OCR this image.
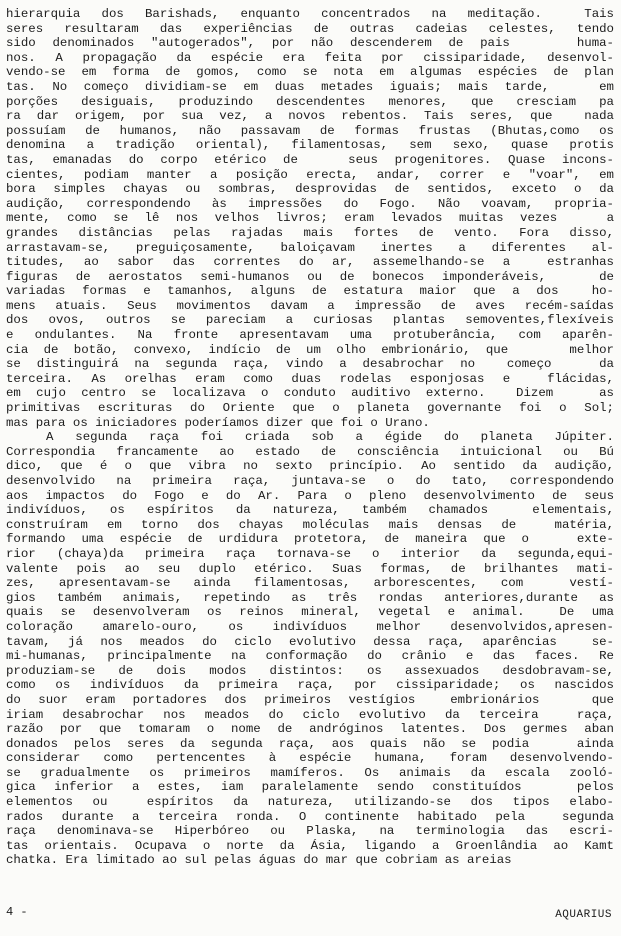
hierarquia dos Barishads, enquanto concentrados na meditação.  Tais
seres resultaram das experiências de outras cadeias celestes, tendo
sido denominados "autogerados", por não descenderem de pais    huma-
nos. A propagação da espécie era feita por cissiparidade, desenvol-
vendo-se em forma de gomos, como se nota em algumas espécies de plan
tas. No começo dividiam-se em duas metades iguais; mais tarde,   em
porções desiguais, produzindo descendentes menores, que cresciam pa
ra dar origem, por sua vez, a novos rebentos. Tais seres, que  nada
possuíam de humanos, não passavam de formas frustas (Bhutas,como os
denomina a tradição oriental), filamentosas, sem sexo, quase protis
tas, emanadas do corpo etérico de   seus progenitores. Quase incons-
cientes, podiam manter a posição erecta, andar, correr e "voar", em
bora simples chayas ou sombras, desprovidas de sentidos, exceto o da
audição, correspondendo às impressões do Fogo. Não voavam, propria-
mente, como se lê nos velhos livros; eram levados muitas vezes   a
grandes distâncias pelas rajadas mais fortes de vento. Fora disso,
arrastavam-se, preguiçosamente, baloiçavam inertes a diferentes al-
titudes, ao sabor das correntes do ar, assemelhando-se a  estranhas
figuras de aerostatos semi-humanos ou de bonecos imponderáveis,   de
variadas formas e tamanhos, alguns de estatura maior que a dos  ho-
mens atuais. Seus movimentos davam a impressão de aves recém-saídas
dos ovos, outros se pareciam a curiosas plantas semoventes,flexíveis
e ondulantes. Na fronte apresentavam uma protuberância, com aparên-
cia de botão, convexo, indício de um olho embrionário, que    melhor
se distinguirá na segunda raça, vindo a desabrochar no  começo   da
terceira. As orelhas eram como duas rodelas esponjosas e  flácidas,
em cujo centro se localizava o conduto auditivo externo.  Dizem   as
primitivas escrituras do Oriente que o planeta governante foi o Sol;
mas para os iniciadores poderíamos dizer que foi o Urano.
A segunda raça foi criada sob a égide do planeta Júpiter.
Correspondia francamente ao estado de consciência intuicional ou Bú
dico, que é o que vibra no sexto princípio. Ao sentido da audição,
desenvolvido na primeira raça, juntava-se o do tato, correspondendo
aos impactos do Fogo e do Ar. Para o pleno desenvolvimento de seus
indivíduos, os espíritos da natureza, também chamados  elementais,
construíram em torno dos chayas moléculas mais densas de  matéria,
formando uma espécie de urdidura protetora, de maneira que o   exte-
rior (chaya)da primeira raça tornava-se o interior da segunda,equi-
valente pois ao seu duplo etérico. Suas formas, de brilhantes mati-
zes, apresentavam-se ainda filamentosas, arborescentes, com  vestí-
gios também animais, repetindo as três rondas anteriores,durante as
quais se desenvolveram os reinos mineral, vegetal e animal.  De uma
coloração amarelo-ouro, os indivíduos melhor desenvolvidos,apresen-
tavam, já nos meados do ciclo evolutivo dessa raça, aparências  se-
mi-humanas, principalmente na conformação do crânio e das faces. Re
produziam-se de dois modos distintos: os assexuados desdobravam-se,
como os indivíduos da primeira raça, por cissiparidade; os nascidos
do suor eram portadores dos primeiros vestígios  embrionários   que
iriam desabrochar nos meados do ciclo evolutivo da terceira  raça,
razão por que tomaram o nome de andróginos latentes. Dos germes aban
donados pelos seres da segunda raça, aos quais não se podia   ainda
considerar como pertencentes à espécie humana, foram desenvolvendo-
se gradualmente os primeiros mamíferos. Os animais da escala zooló-
gica inferior a estes, iam paralelamente sendo constituídos   pelos
elementos ou  espíritos da natureza, utilizando-se dos tipos elabo-
rados durante a terceira ronda. O continente habitado pela  segunda
raça denominava-se Hiperbóreo ou Plaska, na terminologia das escri-
tas orientais. Ocupava o norte da Ásia, ligando a Groenlândia ao Kamt
chatka. Era limitado ao sul pelas águas do mar que cobriam as areias
4 -	AQUARIUS
